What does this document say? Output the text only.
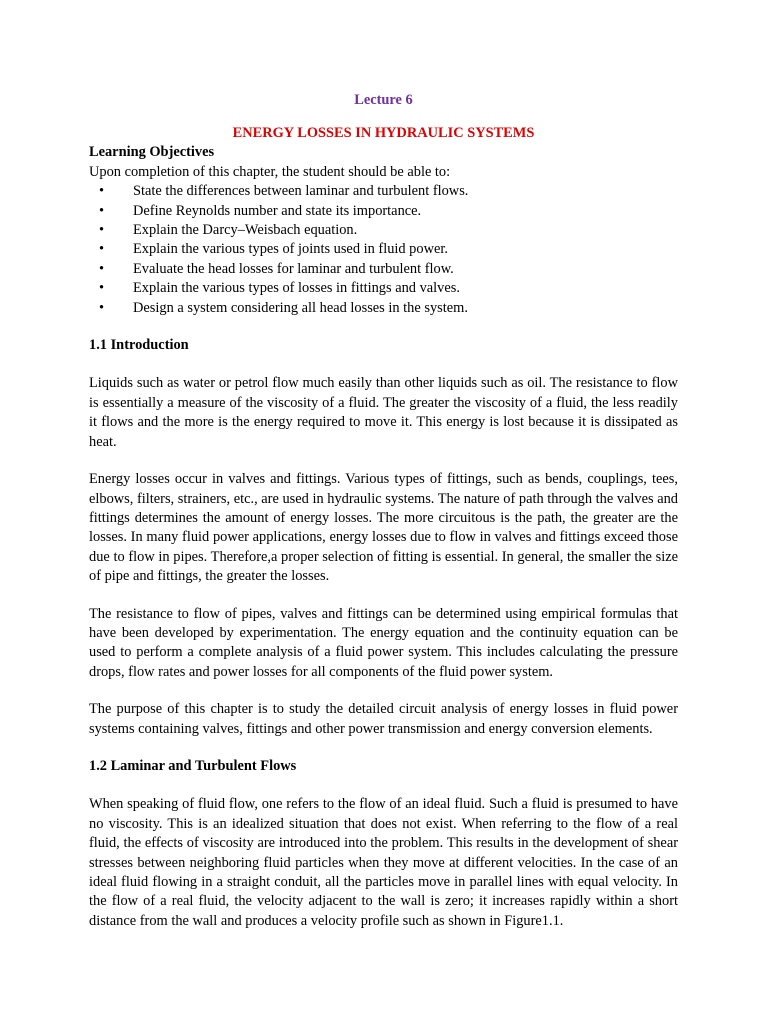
Lecture 6

ENERGY LOSSES IN HYDRAULIC SYSTEMS

Learning Objectives

Upon completion of this chapter, the student should be able to:

• State the differences between laminar and turbulent flows.
• Define Reynolds number and state its importance.
• Explain the Darcy–Weisbach equation.
• Explain the various types of joints used in fluid power.
• Evaluate the head losses for laminar and turbulent flow.
• Explain the various types of losses in fittings and valves.
• Design a system considering all head losses in the system.
1.1 Introduction

Liquids such as water or petrol flow much easily than other liquids such as oil. The resistance to flow is essentially a measure of the viscosity of a fluid. The greater the viscosity of a fluid, the less readily it flows and the more is the energy required to move it. This energy is lost because it is dissipated as heat.

Energy losses occur in valves and fittings. Various types of fittings, such as bends, couplings, tees, elbows, filters, strainers, etc., are used in hydraulic systems. The nature of path through the valves and fittings determines the amount of energy losses. The more circuitous is the path, the greater are the losses. In many fluid power applications, energy losses due to flow in valves and fittings exceed those due to flow in pipes. Therefore,a proper selection of fitting is essential. In general, the smaller the size of pipe and fittings, the greater the losses.

The resistance to flow of pipes, valves and fittings can be determined using empirical formulas that have been developed by experimentation. The energy equation and the continuity equation can be used to perform a complete analysis of a fluid power system. This includes calculating the pressure drops, flow rates and power losses for all components of the fluid power system.

The purpose of this chapter is to study the detailed circuit analysis of energy losses in fluid power systems containing valves, fittings and other power transmission and energy conversion elements.

1.2 Laminar and Turbulent Flows

When speaking of fluid flow, one refers to the flow of an ideal fluid. Such a fluid is presumed to have no viscosity. This is an idealized situation that does not exist. When referring to the flow of a real fluid, the effects of viscosity are introduced into the problem. This results in the development of shear stresses between neighboring fluid particles when they move at different velocities. In the case of an ideal fluid flowing in a straight conduit, all the particles move in parallel lines with equal velocity. In the flow of a real fluid, the velocity adjacent to the wall is zero; it increases rapidly within a short distance from the wall and produces a velocity profile such as shown in Figure1.1.
